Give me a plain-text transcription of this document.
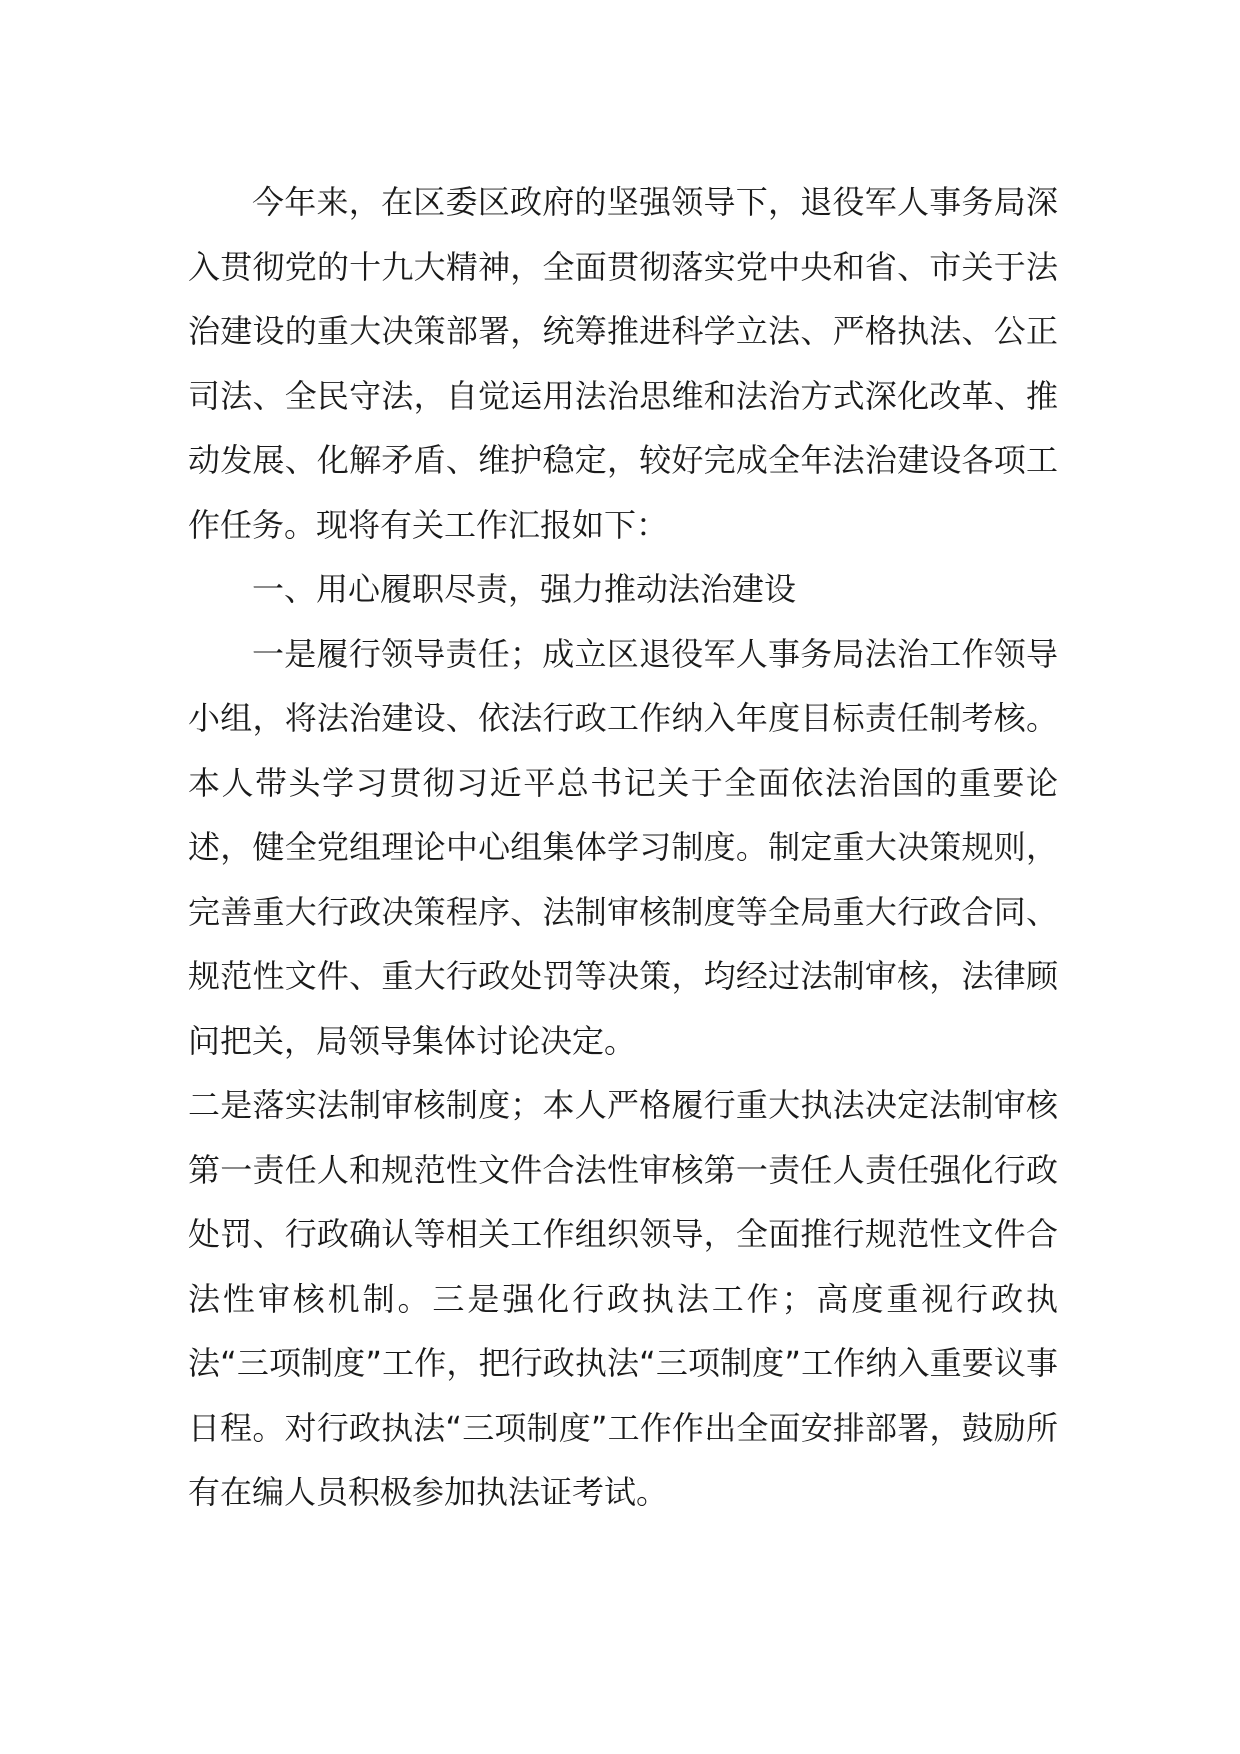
今年来，在区委区政府的坚强领导下，退役军人事务局深入贯彻党的十九大精神，全面贯彻落实党中央和省、市关于法治建设的重大决策部署，统筹推进科学立法、严格执法、公正司法、全民守法，自觉运用法治思维和法治方式深化改革、推动发展、化解矛盾、维护稳定，较好完成全年法治建设各项工作任务。现将有关工作汇报如下：

一、用心履职尽责，强力推动法治建设

一是履行领导责任；成立区退役军人事务局法治工作领导小组，将法治建设、依法行政工作纳入年度目标责任制考核。本人带头学习贯彻习近平总书记关于全面依法治国的重要论述，健全党组理论中心组集体学习制度。制定重大决策规则，完善重大行政决策程序、法制审核制度等全局重大行政合同、规范性文件、重大行政处罚等决策，均经过法制审核，法律顾问把关，局领导集体讨论决定。

二是落实法制审核制度；本人严格履行重大执法决定法制审核第一责任人和规范性文件合法性审核第一责任人责任强化行政处罚、行政确认等相关工作组织领导，全面推行规范性文件合法性审核机制。三是强化行政执法工作；高度重视行政执法“三项制度”工作，把行政执法“三项制度”工作纳入重要议事日程。对行政执法“三项制度”工作作出全面安排部署，鼓励所有在编人员积极参加执法证考试。
